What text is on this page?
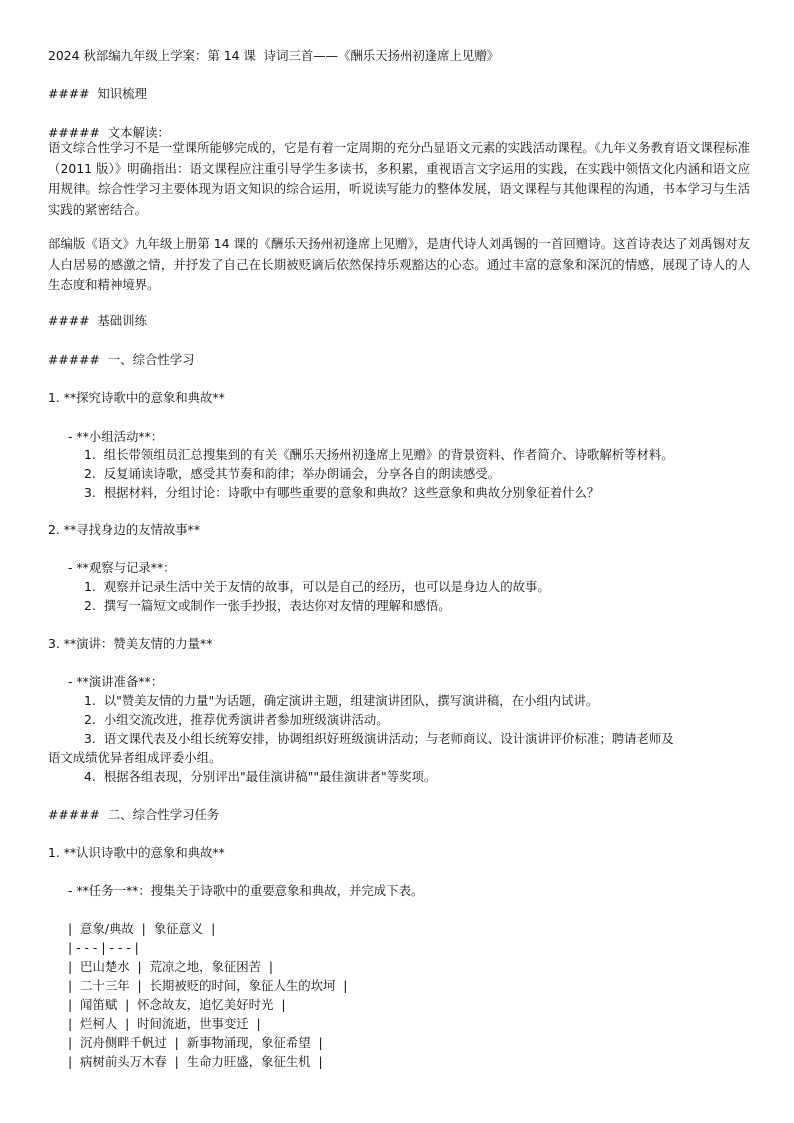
2024 秋部编九年级上学案：第 14 课  诗词三首——《酬乐天扬州初逢席上见赠》
####  知识梳理
#####  文本解读：
语文综合性学习不是一堂课所能够完成的，它是有着一定周期的充分凸显语文元素的实践活动课程。《九年义务教育语文课程标准（2011 版）》明确指出：语文课程应注重引导学生多读书，多积累，重视语言文字运用的实践，在实践中领悟文化内涵和语文应用规律。综合性学习主要体现为语文知识的综合运用，听说读写能力的整体发展，语文课程与其他课程的沟通，书本学习与生活实践的紧密结合。
部编版《语文》九年级上册第 14 课的《酬乐天扬州初逢席上见赠》，是唐代诗人刘禹锡的一首回赠诗。这首诗表达了刘禹锡对友人白居易的感激之情，并抒发了自己在长期被贬谪后依然保持乐观豁达的心态。通过丰富的意象和深沉的情感，展现了诗人的人生态度和精神境界。
####  基础训练
#####  一、综合性学习
1. **探究诗歌中的意象和典故**
- **小组活动**：
1.  组长带领组员汇总搜集到的有关《酬乐天扬州初逢席上见赠》的背景资料、作者简介、诗歌解析等材料。
2.  反复诵读诗歌，感受其节奏和韵律；举办朗诵会，分享各自的朗读感受。
3.  根据材料，分组讨论：诗歌中有哪些重要的意象和典故？这些意象和典故分别象征着什么？
2. **寻找身边的友情故事**
- **观察与记录**：
1.  观察并记录生活中关于友情的故事，可以是自己的经历，也可以是身边人的故事。
2.  撰写一篇短文或制作一张手抄报，表达你对友情的理解和感悟。
3. **演讲：赞美友情的力量**
- **演讲准备**：
1.  以"赞美友情的力量"为话题，确定演讲主题，组建演讲团队，撰写演讲稿，在小组内试讲。
2.  小组交流改进，推荐优秀演讲者参加班级演讲活动。
3.  语文课代表及小组长统筹安排，协调组织好班级演讲活动；与老师商议、设计演讲评价标准；聘请老师及
语文成绩优异者组成评委小组。
4.  根据各组表现，分别评出"最佳演讲稿""最佳演讲者"等奖项。
#####  二、综合性学习任务
1. **认识诗歌中的意象和典故**
- **任务一**：搜集关于诗歌中的重要意象和典故，并完成下表。
|  意象/典故  |  象征意义  |
| - - - | - - - |
|  巴山楚水  |  荒凉之地，象征困苦  |
|  二十三年  |  长期被贬的时间，象征人生的坎坷  |
|  闻笛赋  |  怀念故友，追忆美好时光  |
|  烂柯人  |  时间流逝，世事变迁  |
|  沉舟侧畔千帆过  |  新事物涌现，象征希望  |
|  病树前头万木春  |  生命力旺盛，象征生机  |
